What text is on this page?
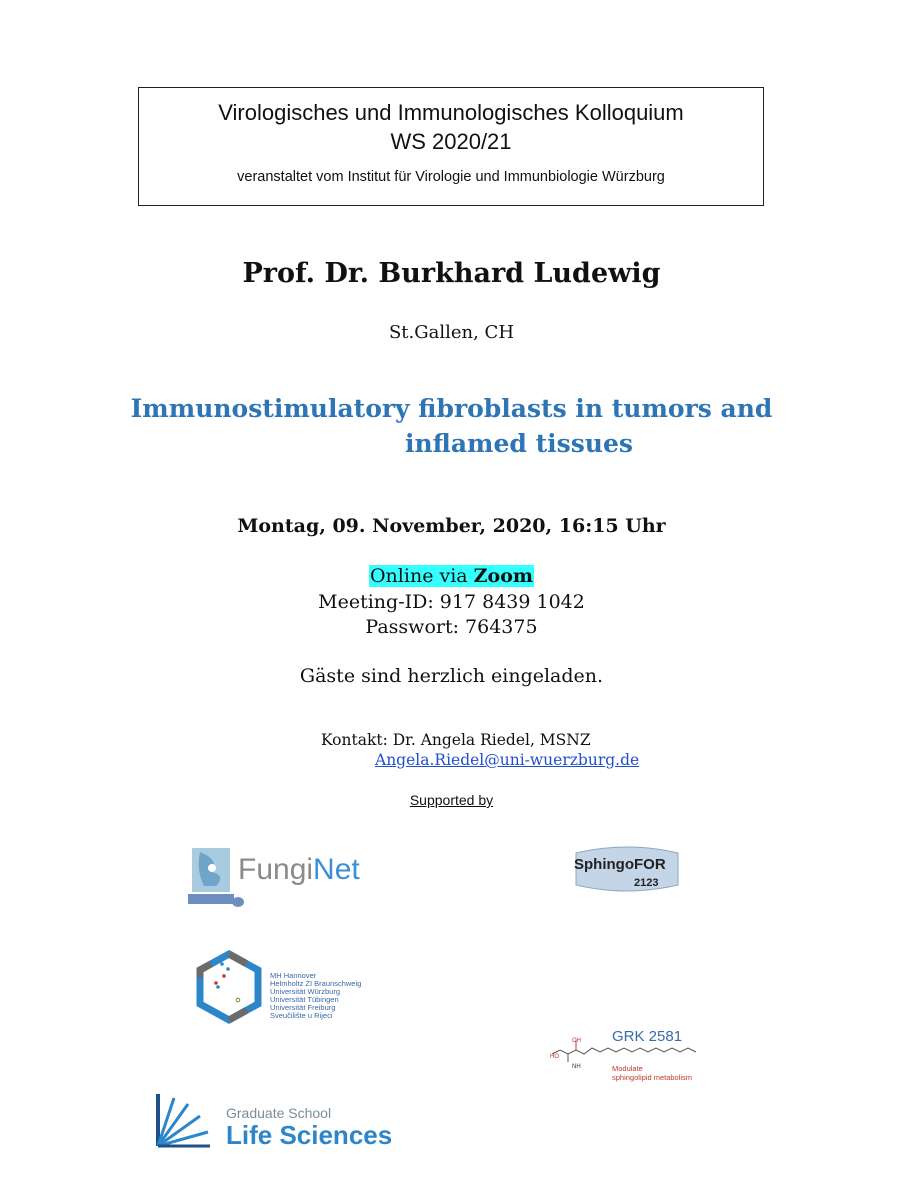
Virologisches und Immunologisches Kolloquium
WS 2020/21
veranstaltet vom Institut für Virologie und Immunbiologie Würzburg
Prof. Dr. Burkhard Ludewig
St.Gallen, CH
Immunostimulatory fibroblasts in tumors and
inflamed tissues
Montag, 09. November, 2020, 16:15 Uhr
Online via Zoom
Meeting-ID: 917 8439 1042
Passwort: 764375
Gäste sind herzlich eingeladen.
Kontakt: Dr. Angela Riedel, MSNZ
Angela.Riedel@uni-wuerzburg.de
Supported by
FungiNet	SphingoFOR
2123
MH Hannover
Helmholtz ZI Braunschweig
Universität Würzburg
Universität Tübingen
Universität Freiburg
Sveučilište u Rijeci
HO
OH
NH
GRK 2581
Modulate
sphingolipid metabolism
Graduate School
Life Sciences
